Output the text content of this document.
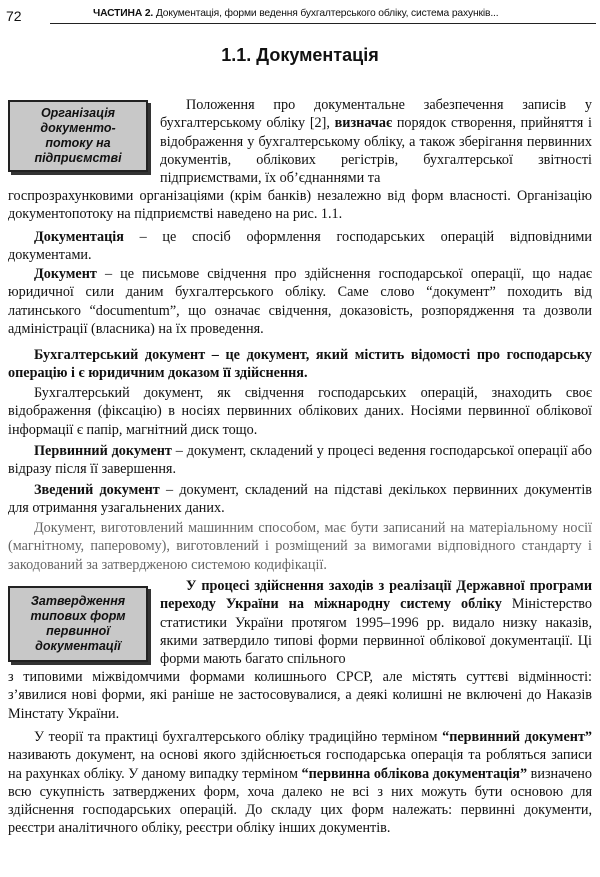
72	ЧАСТИНА 2. Документація, форми ведення бухгалтерського обліку, система рахунків...
1.1. Документація
Організація
документо-
потоку на
підприємстві
Положення про документальне забезпечення записів у бухгалтерському обліку [2], визначає порядок створення, прийняття і відображення у бухгалтерському обліку, а також зберігання первинних документів, облікових регістрів, бухгалтерської звітності підприємствами, їх об’єднаннями та
госпрозрахунковими організаціями (крім банків) незалежно від форм власності. Організацію документопотоку на підприємстві наведено на рис. 1.1.
Документація – це спосіб оформлення господарських операцій відповідними документами.
Документ – це письмове свідчення про здійснення господарської операції, що надає юридичної сили даним бухгалтерського обліку. Саме слово “документ” походить від латинського “documentum”, що означає свідчення, доказовість, розпорядження та дозволи адміністрації (власника) на їх проведення.
Бухгалтерський документ – це документ, який містить відомості про господарську операцію і є юридичним доказом її здійснення.
Бухгалтерський документ, як свідчення господарських операцій, знаходить своє відображення (фіксацію) в носіях первинних облікових даних. Носіями первинної облікової інформації є папір, магнітний диск тощо.
Первинний документ – документ, складений у процесі ведення господарської операції або відразу після її завершення.
Зведений документ – документ, складений на підставі декількох первинних документів для отримання узагальнених даних.
Документ, виготовлений машинним способом, має бути записаний на матеріальному носії (магнітному, паперовому), виготовлений і розміщений за вимогами відповідного стандарту і закодований за затвердженою системою кодифікації.
Затвердження
типових форм
первинної
документації
У процесі здійснення заходів з реалізації Державної програми переходу України на міжнародну систему обліку Міністерство статистики України протягом 1995–1996 рр. видало низку наказів, якими затвердило типові форми первинної облікової документації. Ці форми мають багато спільного
з типовими міжвідомчими формами колишнього СРСР, але містять суттєві відмінності: з’явилися нові форми, які раніше не застосовувалися, а деякі колишні не включені до Наказів Мінстату України.
У теорії та практиці бухгалтерського обліку традиційно терміном “первинний документ” називають документ, на основі якого здійснюється господарська операція та робляться записи на рахунках обліку. У даному випадку терміном “первинна облікова документація” визначено всю сукупність затверджених форм, хоча далеко не всі з них можуть бути основою для здійснення господарських операцій. До складу цих форм належать: первинні документи, реєстри аналітичного обліку, реєстри обліку інших документів.
